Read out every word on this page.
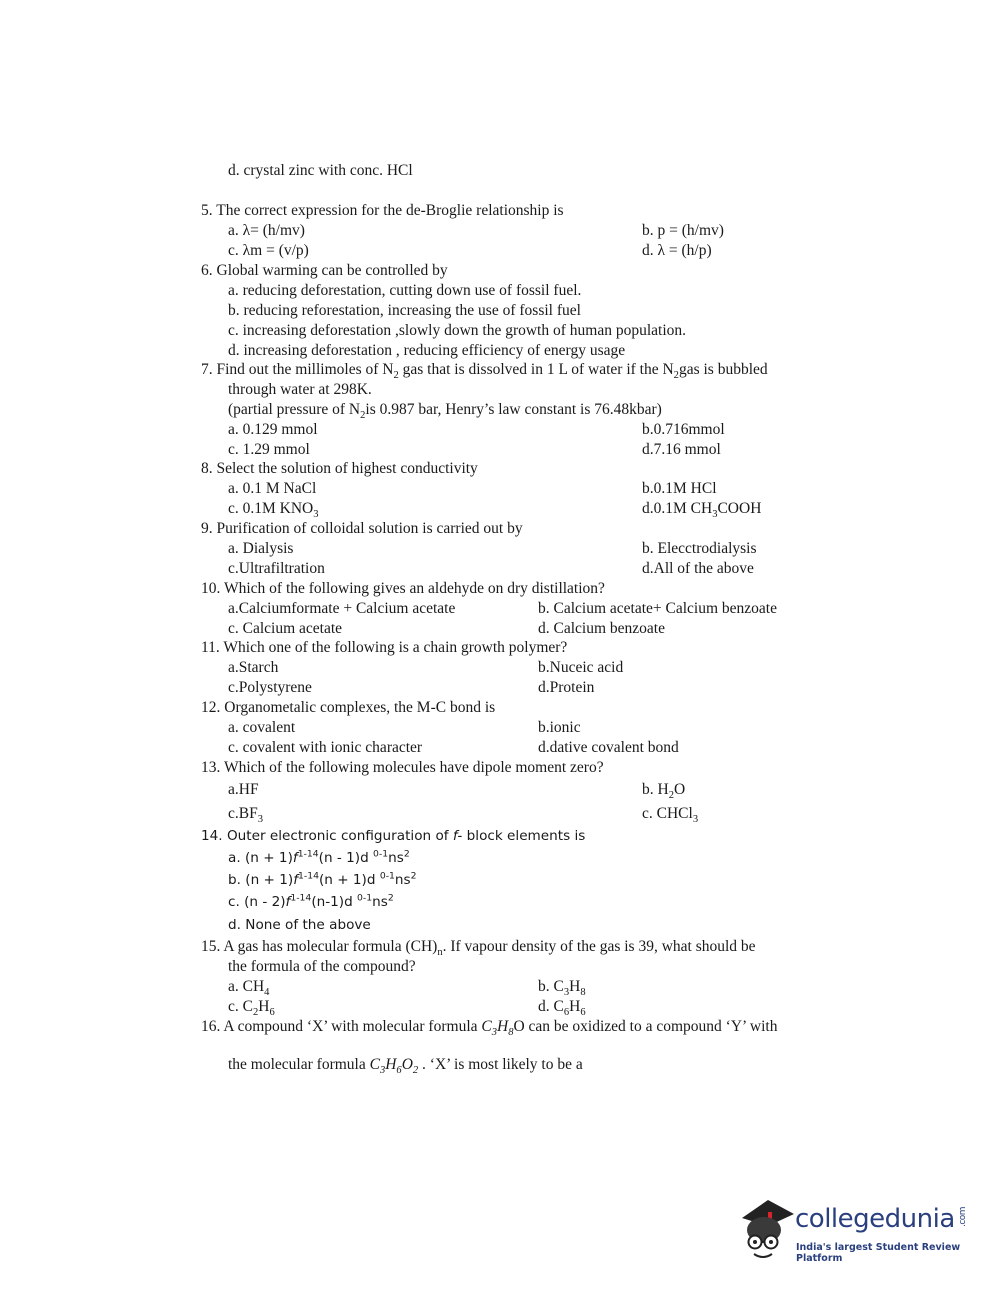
d. crystal zinc with conc. HCl
5. The correct expression for the de-Broglie relationship is
a. λ= (h/mv)	b. p = (h/mv)
c. λm = (v/p)	d. λ = (h/p)
6. Global warming can be controlled by
a. reducing deforestation, cutting down use of fossil fuel.
b. reducing reforestation, increasing the use of fossil fuel
c. increasing deforestation ,slowly down the growth of human population.
d. increasing deforestation , reducing efficiency of energy usage
7. Find out the millimoles of $N_2$ gas that is dissolved in 1 L of water if the $N_2gas$ is bubbled
through water at 298K.
(partial pressure of $N_2is$ 0.987 bar, Henry’s law constant is 76.48kbar)
a. 0.129 mmol	b.0.716mmol
c. 1.29 mmol	d.7.16 mmol
8. Select the solution of highest conductivity
a. 0.1 M NaCl	b.0.1M HCl
c. 0.1M $KNO_3$	d.0.1M $CH_3COOH$
9. Purification of colloidal solution is carried out by
a. Dialysis	b. Elecctrodialysis
c.Ultrafiltration	d.All of the above
10. Which of the following gives an aldehyde on dry distillation?
a.Calciumformate + Calcium acetate	b. Calcium acetate+ Calcium benzoate
c. Calcium acetate	d. Calcium benzoate
11. Which one of the following is a chain growth polymer?
a.Starch	b.Nuceic acid
c.Polystyrene	d.Protein
12. Organometalic complexes, the M-C bond is
a. covalent	b.ionic
c. covalent with ionic character	d.dative covalent bond
13. Which of the following molecules have dipole moment zero?
a.HF	b. $H_2O$
$c.BF_3$	c. CHCl$_3$
14. Outer electronic configuration of f- block elements is
a. $(n + 1)f^{1-14}(n - 1)d$ $^{0-1}ns^2$
b. $(n + 1)f^{1-14}(n + 1)d$ $^{0-1}ns^2$
c. $(n - 2)f^{1-14}(n-1)d$ $^{0-1}ns^2$
d. None of the above
15. A gas has molecular formula $(CH)_n$. If vapour density of the gas is 39, what should be
the formula of the compound?
a. $CH_4$	b. $C_3H_8$
c. $C_2H_6$	d. $C_6H_6$
16. A compound ‘X’ with molecular formula $C_3H_8O$ can be oxidized to a compound ‘Y’ with
the molecular formula $C_3H_6O_2$ . ‘X’ is most likely to be a
collegedunia .com
India's largest Student Review Platform
